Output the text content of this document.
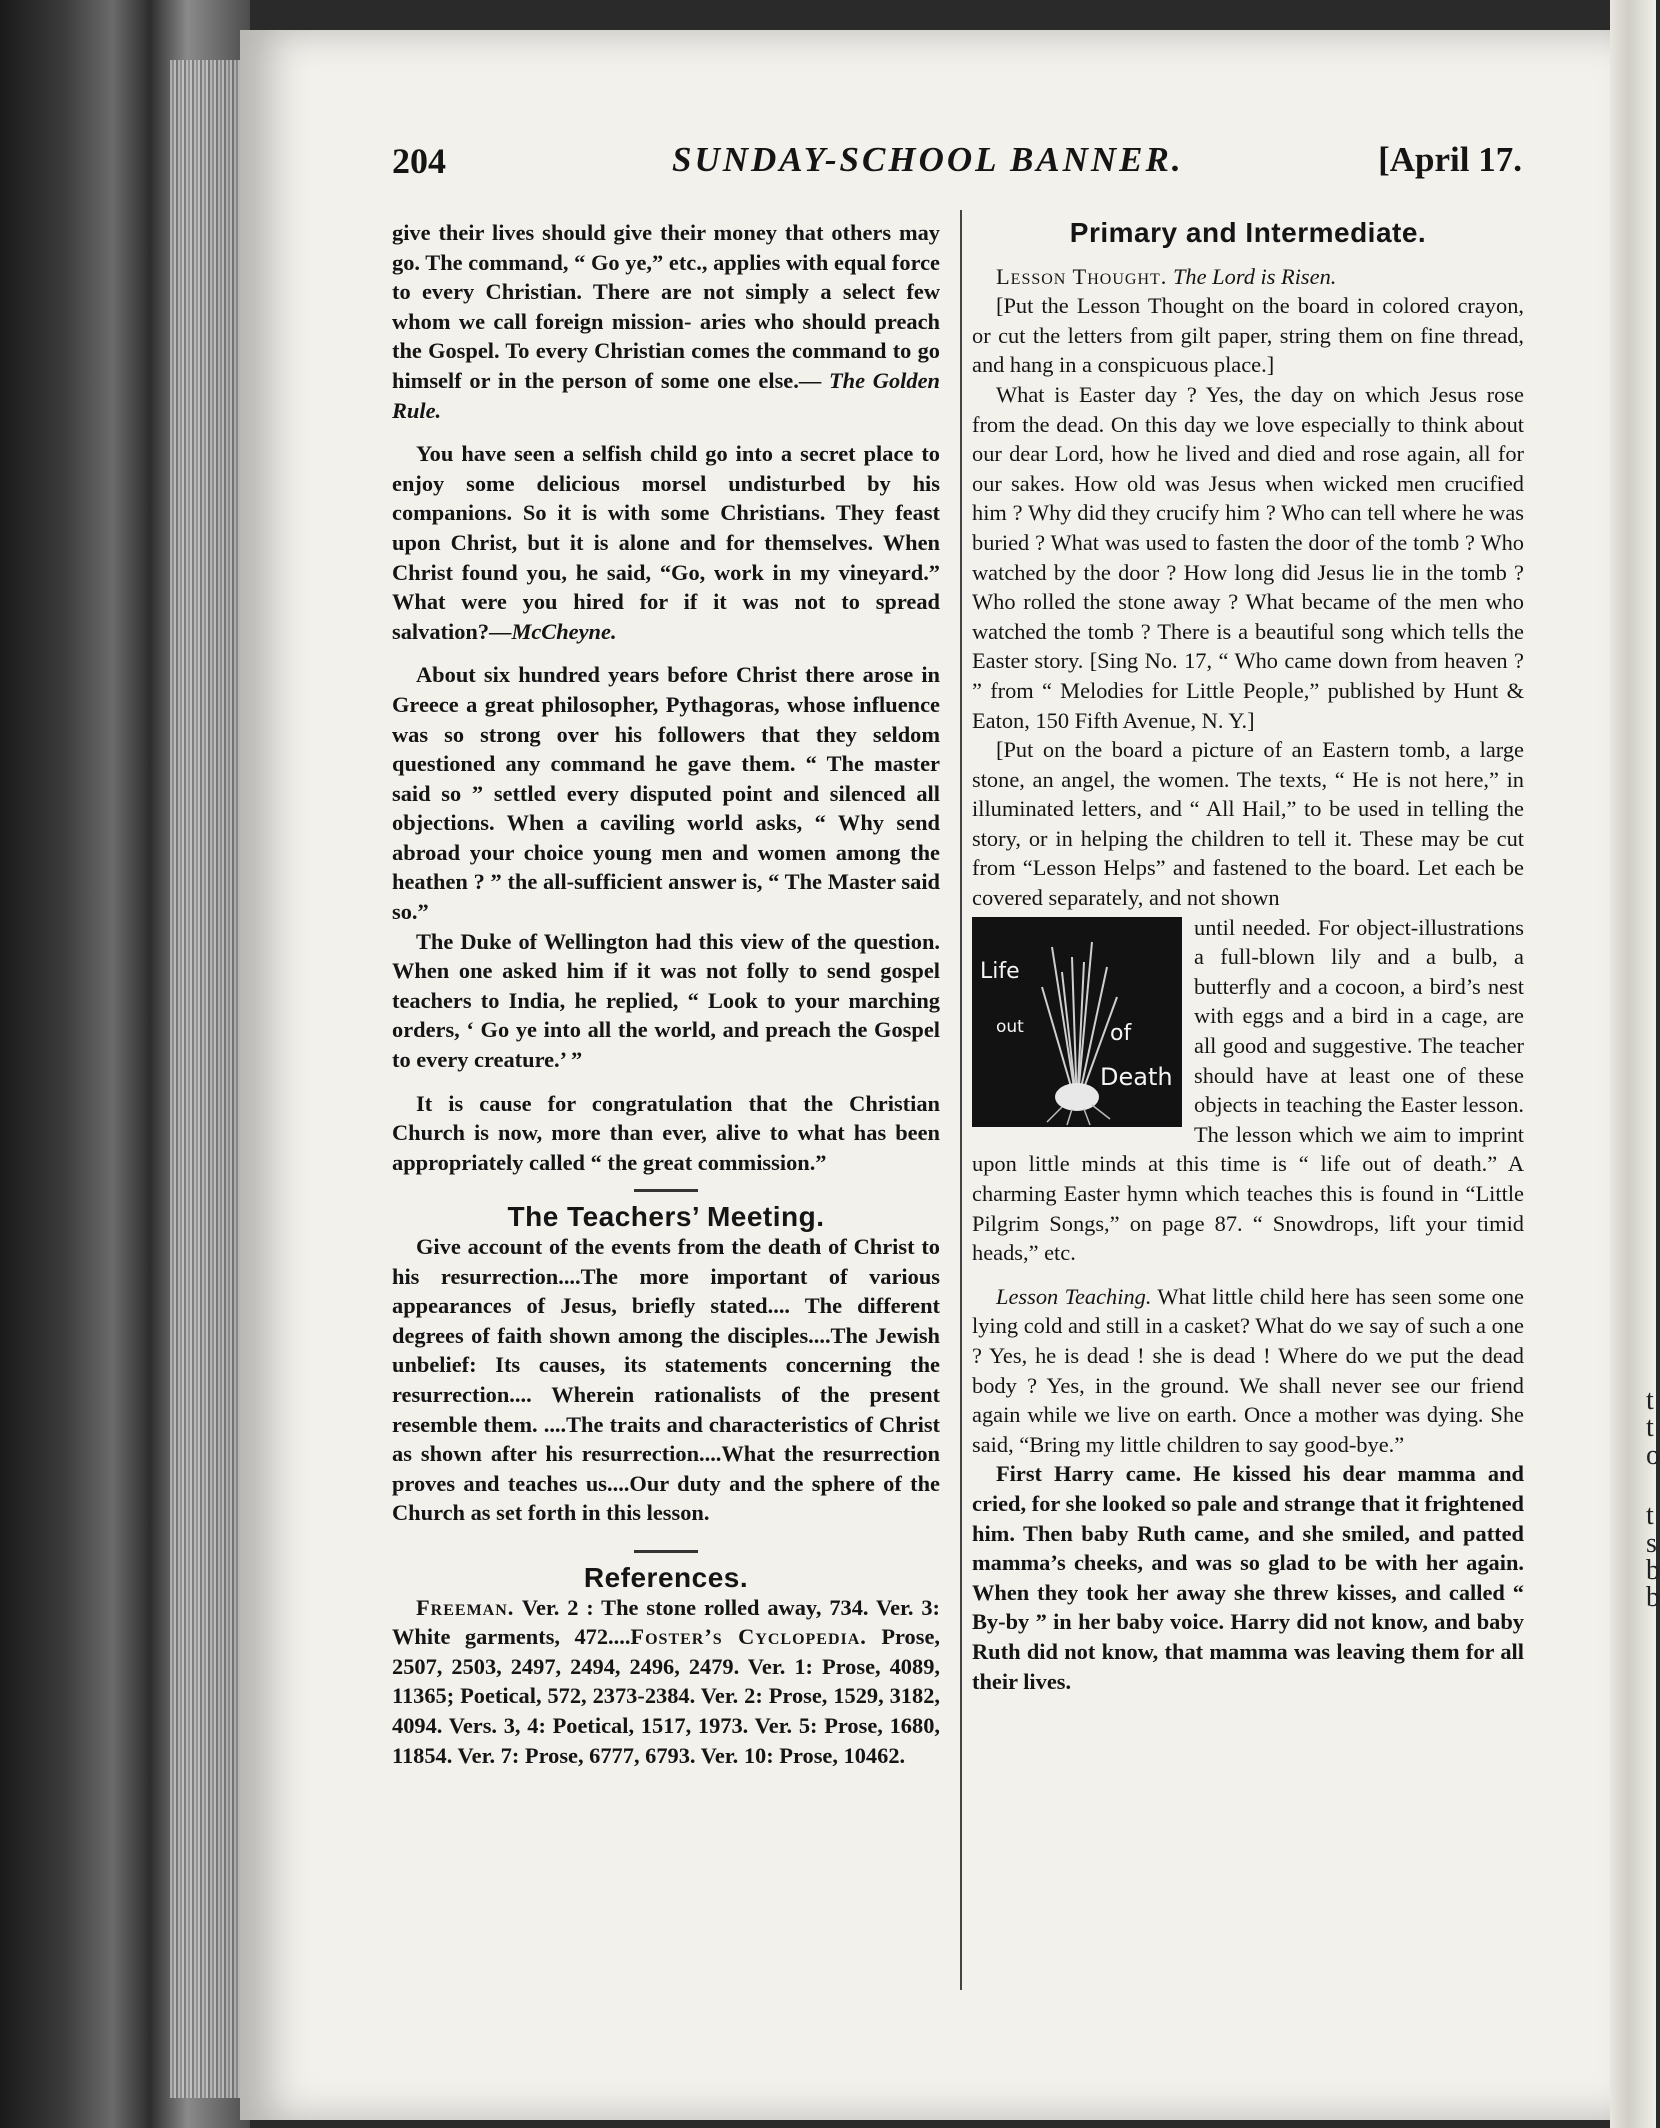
t
t
o
t
s
b
b
204	SUNDAY-SCHOOL BANNER.	[April 17.

give their lives should give their money that others may go. The command, “ Go ye,” etc., applies with equal force to every Christian. There are not simply a select few whom we call foreign mission- aries who should preach the Gospel. To every Christian comes the command to go himself or in the person of some one else.— The Golden Rule.

You have seen a selfish child go into a secret place to enjoy some delicious morsel undisturbed by his companions. So it is with some Christians. They feast upon Christ, but it is alone and for themselves. When Christ found you, he said, “Go, work in my vineyard.” What were you hired for if it was not to spread salvation?—McCheyne.

About six hundred years before Christ there arose in Greece a great philosopher, Pythagoras, whose influence was so strong over his followers that they seldom questioned any command he gave them. “ The master said so ” settled every disputed point and silenced all objections. When a caviling world asks, “ Why send abroad your choice young men and women among the heathen ? ” the all-sufficient answer is, “ The Master said so.”

The Duke of Wellington had this view of the question. When one asked him if it was not folly to send gospel teachers to India, he replied, “ Look to your marching orders, ‘ Go ye into all the world, and preach the Gospel to every creature.’ ”

It is cause for congratulation that the Christian Church is now, more than ever, alive to what has been appropriately called “ the great commission.”

The Teachers’ Meeting.

Give account of the events from the death of Christ to his resurrection....The more important of various appearances of Jesus, briefly stated.... The different degrees of faith shown among the disciples....The Jewish unbelief: Its causes, its statements concerning the resurrection.... Wherein rationalists of the present resemble them. ....The traits and characteristics of Christ as shown after his resurrection....What the resurrection proves and teaches us....Our duty and the sphere of the Church as set forth in this lesson.

References.

Freeman. Ver. 2 : The stone rolled away, 734. Ver. 3: White garments, 472....Foster’s Cyclopedia. Prose, 2507, 2503, 2497, 2494, 2496, 2479. Ver. 1: Prose, 4089, 11365; Poetical, 572, 2373-2384. Ver. 2: Prose, 1529, 3182, 4094. Vers. 3, 4: Poetical, 1517, 1973. Ver. 5: Prose, 1680, 11854. Ver. 7: Prose, 6777, 6793. Ver. 10: Prose, 10462.

Primary and Intermediate.

Lesson Thought. The Lord is Risen.

[Put the Lesson Thought on the board in colored crayon, or cut the letters from gilt paper, string them on fine thread, and hang in a conspicuous place.]

What is Easter day ? Yes, the day on which Jesus rose from the dead. On this day we love especially to think about our dear Lord, how he lived and died and rose again, all for our sakes. How old was Jesus when wicked men crucified him ? Why did they crucify him ? Who can tell where he was buried ? What was used to fasten the door of the tomb ? Who watched by the door ? How long did Jesus lie in the tomb ? Who rolled the stone away ? What became of the men who watched the tomb ? There is a beautiful song which tells the Easter story. [Sing No. 17, “ Who came down from heaven ? ” from “ Melodies for Little People,” published by Hunt & Eaton, 150 Fifth Avenue, N. Y.]

[Put on the board a picture of an Eastern tomb, a large stone, an angel, the women. The texts, “ He is not here,” in illuminated letters, and “ All Hail,” to be used in telling the story, or in helping the children to tell it. These may be cut from “Lesson Helps” and fastened to the board. Let each be covered separately, and not shown

Life
out	of
Death

until needed. For object-illustrations a full-blown lily and a bulb, a butterfly and a cocoon, a bird’s nest with eggs and a bird in a cage, are all good and suggestive. The teacher should have at least one of these objects in teaching the Easter lesson. The lesson which we aim to imprint upon little minds at this time is “ life out of death.” A charming Easter hymn which teaches this is found in “Little Pilgrim Songs,” on page 87. “ Snowdrops, lift your timid heads,” etc.

Lesson Teaching. What little child here has seen some one lying cold and still in a casket? What do we say of such a one ? Yes, he is dead ! she is dead ! Where do we put the dead body ? Yes, in the ground. We shall never see our friend again while we live on earth. Once a mother was dying. She said, “Bring my little children to say good-bye.”

First Harry came. He kissed his dear mamma and cried, for she looked so pale and strange that it frightened him. Then baby Ruth came, and she smiled, and patted mamma’s cheeks, and was so glad to be with her again. When they took her away she threw kisses, and called “ By-by ” in her baby voice. Harry did not know, and baby Ruth did not know, that mamma was leaving them for all their lives.
